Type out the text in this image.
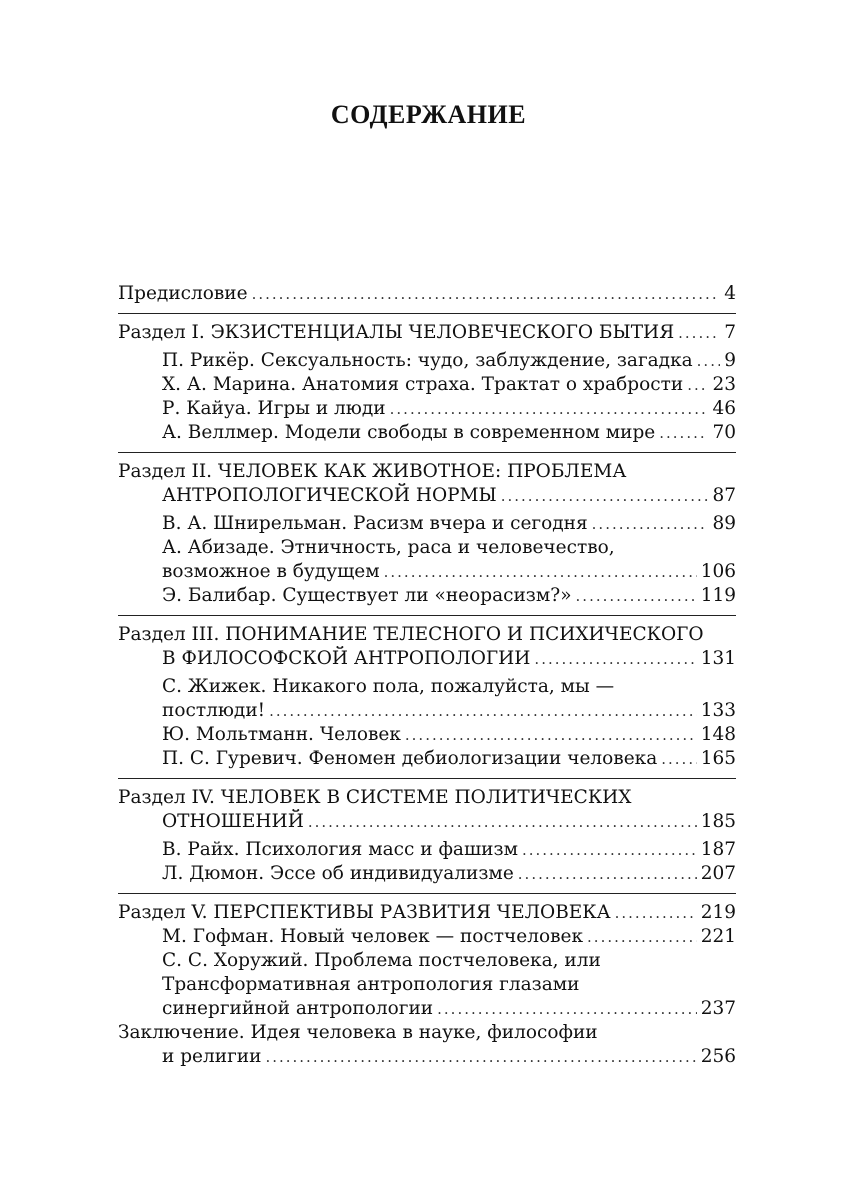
СОДЕРЖАНИЕ
Предисловие .....	4
Раздел I. ЭКЗИСТЕНЦИАЛЫ ЧЕЛОВЕЧЕСКОГО БЫТИЯ .....	7
П. Рикёр. Сексуальность: чудо, заблуждение, загадка ..... 9
Х. А. Марина. Анатомия страха. Трактат о храбрости ..... 23
Р. Кайуа. Игры и люди .....	46
А. Веллмер. Модели свободы в современном мире .....	70
Раздел II. ЧЕЛОВЕК КАК ЖИВОТНОЕ: ПРОБЛЕМА
АНТРОПОЛОГИЧЕСКОЙ НОРМЫ .....	87
В. А. Шнирельман. Расизм вчера и сегодня .....	89
А. Абизаде. Этничность, раса и человечество,
возможное в будущем .....	106
Э. Балибар. Существует ли «неорасизм?» .....	119
Раздел III. ПОНИМАНИЕ ТЕЛЕСНОГО И ПСИХИЧЕСКОГО
В ФИЛОСОФСКОЙ АНТРОПОЛОГИИ .....	131
С. Жижек. Никакого пола, пожалуйста, мы —
постлюди! .....	133
Ю. Мольтманн. Человек .....	148
П. С. Гуревич. Феномен дебиологизации человека ..... 165
Раздел IV. ЧЕЛОВЕК В СИСТЕМЕ ПОЛИТИЧЕСКИХ
ОТНОШЕНИЙ .....	185
В. Райх. Психология масс и фашизм .....	187
Л. Дюмон. Эссе об индивидуализме .....	207
Раздел V. ПЕРСПЕКТИВЫ РАЗВИТИЯ ЧЕЛОВЕКА .....	219
М. Гофман. Новый человек — постчеловек .....	221
С. С. Хоружий. Проблема постчеловека, или
Трансформативная антропология глазами
синергийной антропологии .....	237
Заключение. Идея человека в науке, философии
и религии .....	256
